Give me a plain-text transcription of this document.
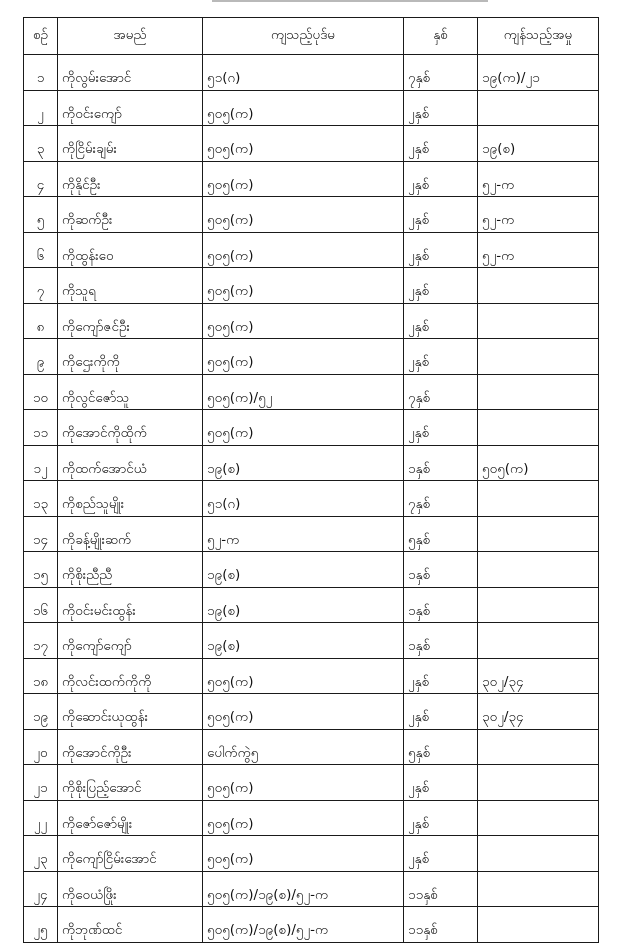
စဥ်	အမည်	ကျသည့်ပုဒ်မ	နှစ်	ကျန်သည့်အမှု
၁	ကိုလွမ်းအောင်	၅၁(ဂ)	၇နှစ်	၁၉(က)/၂၁
၂	ကိုဝင်းကျော်	၅၀၅(က)	၂နှစ်	
၃	ကိုငြိမ်းချမ်း	၅၀၅(က)	၂နှစ်	၁၉(စ)
၄	ကိုနိုင်ဦး	၅၀၅(က)	၂နှစ်	၅၂-က
၅	ကိုဆက်ဦး	၅၀၅(က)	၂နှစ်	၅၂-က
၆	ကိုထွန်းဝေ	၅၀၅(က)	၂နှစ်	၅၂-က
၇	ကိုသူရ	၅၀၅(က)	၂နှစ်	
၈	ကိုကျော်ဇင်ဦး	၅၀၅(က)	၂နှစ်	
၉	ကိုဌေးကိုကို	၅၀၅(က)	၂နှစ်	
၁၀	ကိုလွင်ဇော်သူ	၅၀၅(က)/၅၂	၇နှစ်	
၁၁	ကိုအောင်ကိုထိုက်	၅၀၅(က)	၂နှစ်	
၁၂	ကိုထက်အောင်ယံ	၁၉(စ)	၁နှစ်	၅၀၅(က)
၁၃	ကိုစည်သူမျိုး	၅၁(ဂ)	၇နှစ်	
၁၄	ကိုခန့်မျိုးဆက်	၅၂-က	၅နှစ်	
၁၅	ကိုစိုးညီညီ	၁၉(စ)	၁နှစ်	
၁၆	ကိုဝင်းမင်းထွန်း	၁၉(စ)	၁နှစ်	
၁၇	ကိုကျော်ကျော်	၁၉(စ)	၁နှစ်	
၁၈	ကိုလင်းထက်ကိုကို	၅၀၅(က)	၂နှစ်	၃၀၂/၃၄
၁၉	ကိုဆောင်းယုထွန်း	၅၀၅(က)	၂နှစ်	၃၀၂/၃၄
၂၀	ကိုအောင်ကိုဦး	ပေါက်ကွဲ၅	၅နှစ်	
၂၁	ကိုစိုးပြည့်အောင်	၅၀၅(က)	၂နှစ်	
၂၂	ကိုဇော်ဇော်မျိုး	၅၀၅(က)	၂နှစ်	
၂၃	ကိုကျော်ငြိမ်းအောင်	၅၀၅(က)	၂နှစ်	
၂၄	ကိုဝေယံဖြိုး	၅၀၅(က)/၁၉(စ)/၅၂-က	၁၁နှစ်	
၂၅	ကိုဘုဏ်ထင်	၅၀၅(က)/၁၉(စ)/၅၂-က	၁၁နှစ်	
